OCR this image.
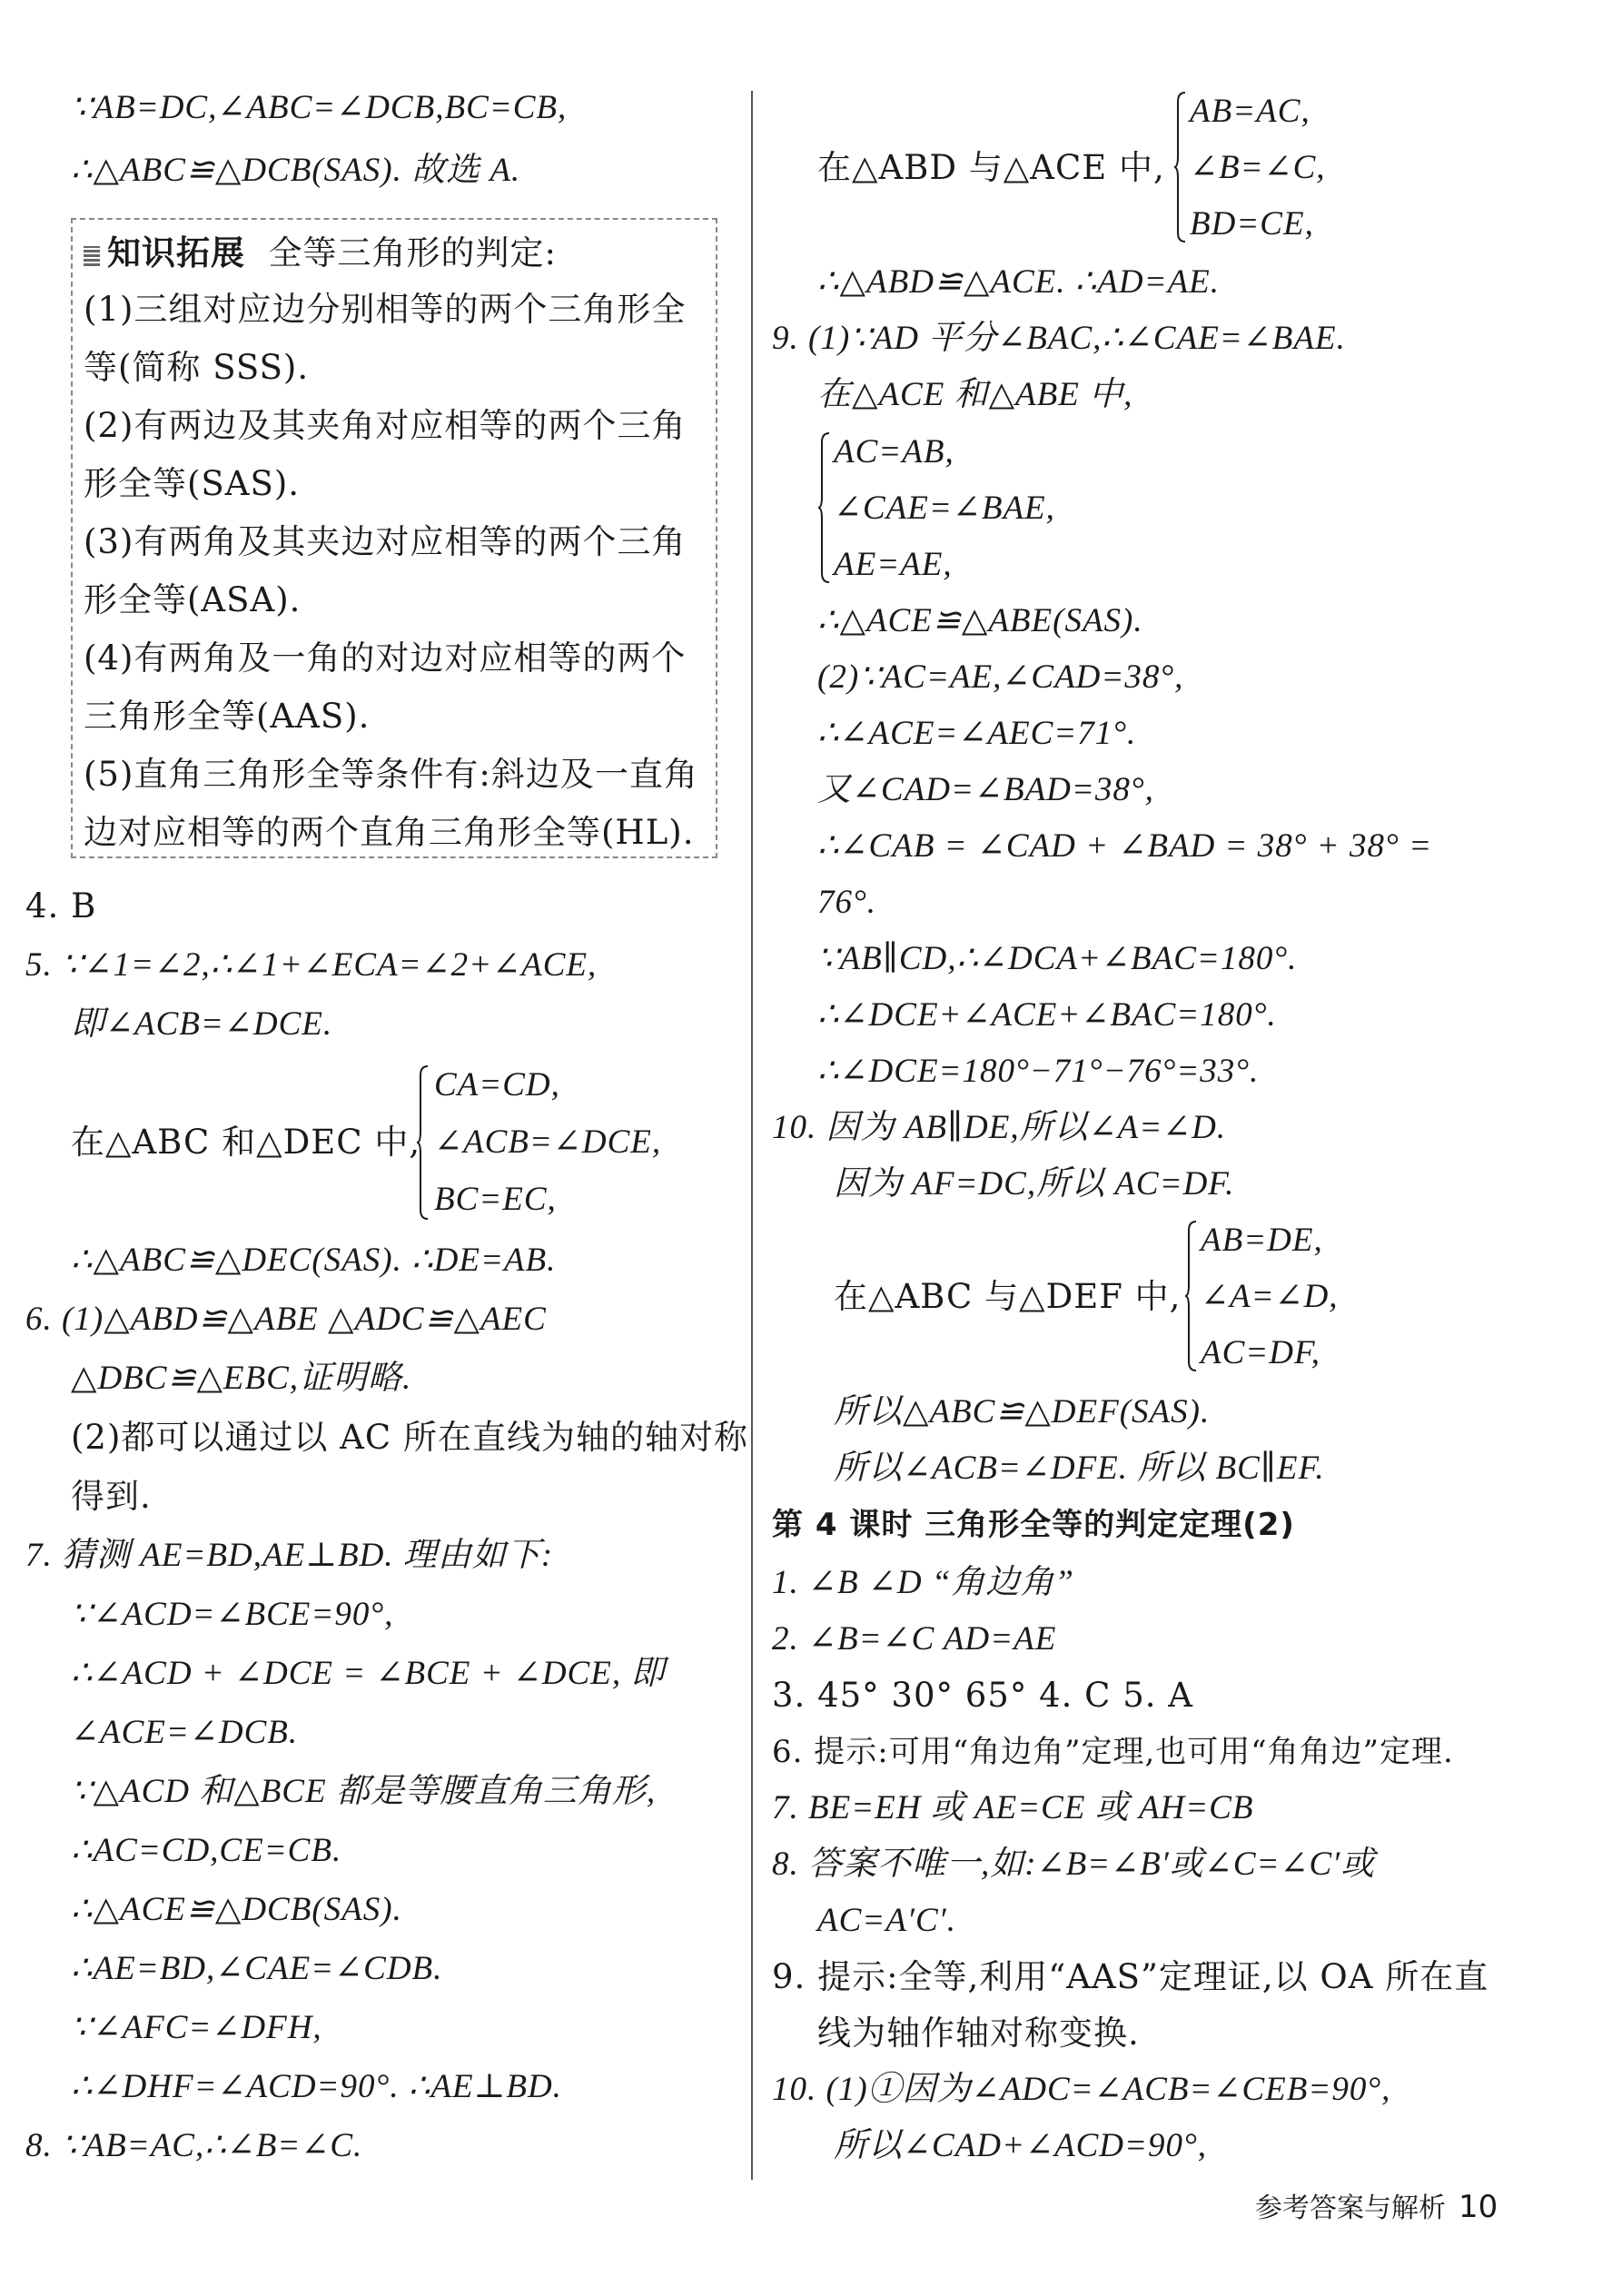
∵AB=DC,∠ABC=∠DCB,BC=CB,
∴△ABC≌△DCB(SAS). 故选 A.
知识拓展 全等三角形的判定:
(1)三组对应边分别相等的两个三角形全
等(简称 SSS).
(2)有两边及其夹角对应相等的两个三角
形全等(SAS).
(3)有两角及其夹边对应相等的两个三角
形全等(ASA).
(4)有两角及一角的对边对应相等的两个
三角形全等(AAS).
(5)直角三角形全等条件有:斜边及一直角
边对应相等的两个直角三角形全等(HL).
4. B
5. ∵∠1=∠2,∴∠1+∠ECA=∠2+∠ACE,
即∠ACB=∠DCE.
在△ABC 和△DEC 中,
CA=CD,
∠ACB=∠DCE,
BC=EC,
∴△ABC≌△DEC(SAS). ∴DE=AB.
6. (1)△ABD≌△ABE △ADC≌△AEC
△DBC≌△EBC,证明略.
(2)都可以通过以 AC 所在直线为轴的轴对称
得到.
7. 猜测 AE=BD,AE⊥BD. 理由如下:
∵∠ACD=∠BCE=90°,
∴∠ACD + ∠DCE = ∠BCE + ∠DCE, 即
∠ACE=∠DCB.
∵△ACD 和△BCE 都是等腰直角三角形,
∴AC=CD,CE=CB.
∴△ACE≌△DCB(SAS).
∴AE=BD,∠CAE=∠CDB.
∵∠AFC=∠DFH,
∴∠DHF=∠ACD=90°. ∴AE⊥BD.
8. ∵AB=AC,∴∠B=∠C.
在△ABD 与△ACE 中,
AB=AC,
∠B=∠C,
BD=CE,
∴△ABD≌△ACE. ∴AD=AE.
9. (1)∵AD 平分∠BAC,∴∠CAE=∠BAE.
在△ACE 和△ABE 中,
AC=AB,
∠CAE=∠BAE,
AE=AE,
∴△ACE≌△ABE(SAS).
(2)∵AC=AE,∠CAD=38°,
∴∠ACE=∠AEC=71°.
又∠CAD=∠BAD=38°,
∴∠CAB = ∠CAD + ∠BAD = 38° + 38° =
76°.
∵AB∥CD,∴∠DCA+∠BAC=180°.
∴∠DCE+∠ACE+∠BAC=180°.
∴∠DCE=180°−71°−76°=33°.
10. 因为 AB∥DE,所以∠A=∠D.
因为 AF=DC,所以 AC=DF.
在△ABC 与△DEF 中,
AB=DE,
∠A=∠D,
AC=DF,
所以△ABC≌△DEF(SAS).
所以∠ACB=∠DFE. 所以 BC∥EF.
第 4 课时 三角形全等的判定定理(2)
1. ∠B ∠D “角边角”
2. ∠B=∠C AD=AE
3. 45° 30° 65° 4. C 5. A
6. 提示:可用“角边角”定理,也可用“角角边”定理.
7. BE=EH 或 AE=CE 或 AH=CB
8. 答案不唯一,如:∠B=∠B′或∠C=∠C′或
AC=A′C′.
9. 提示:全等,利用“AAS”定理证,以 OA 所在直
线为轴作轴对称变换.
10. (1)①因为∠ADC=∠ACB=∠CEB=90°,
所以∠CAD+∠ACD=90°,
参考答案与解析 10
